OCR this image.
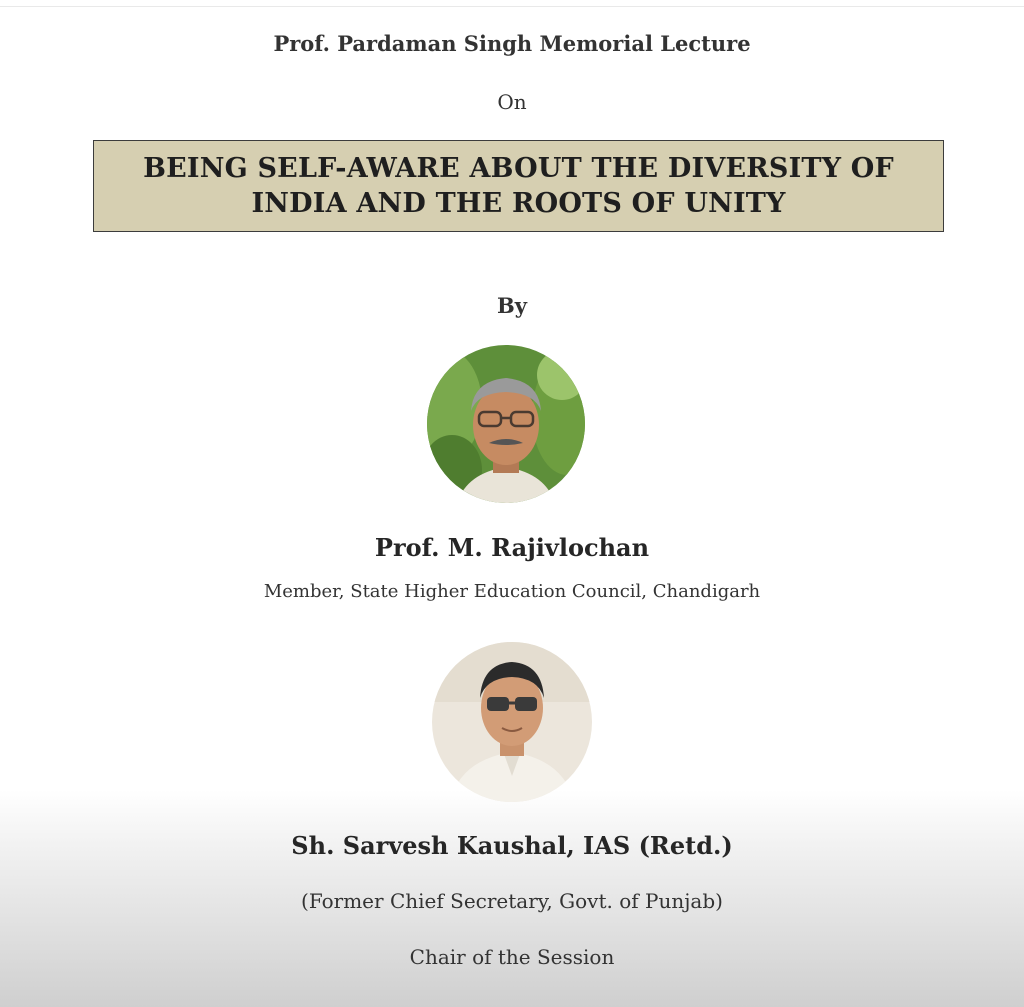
Prof. Pardaman Singh Memorial Lecture
On
BEING SELF-AWARE ABOUT THE DIVERSITY OF
INDIA AND THE ROOTS OF UNITY
By
Prof. M. Rajivlochan
Member, State Higher Education Council, Chandigarh
Sh. Sarvesh Kaushal, IAS (Retd.)
(Former Chief Secretary, Govt. of Punjab)
Chair of the Session
